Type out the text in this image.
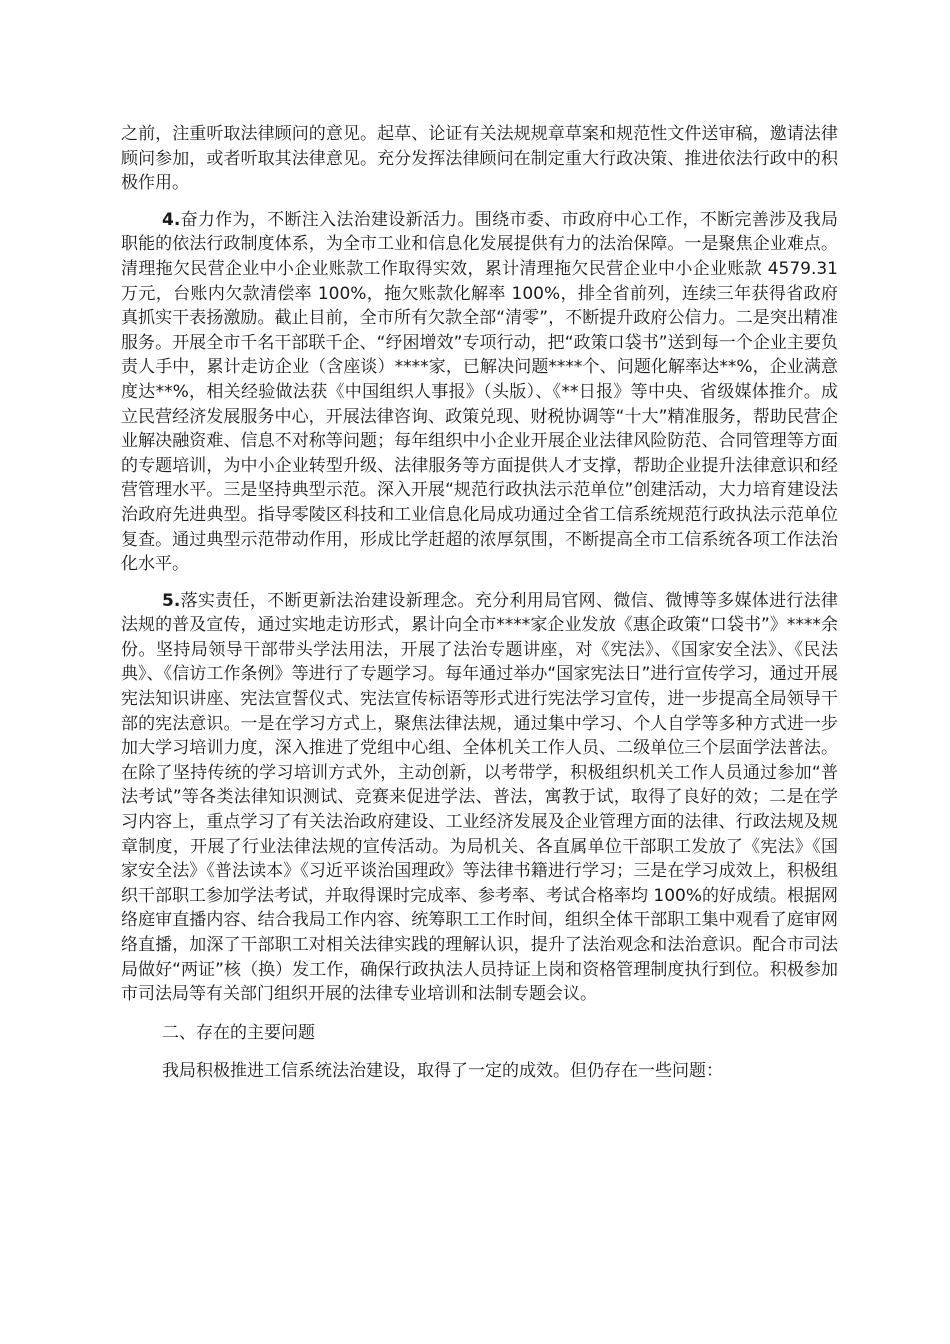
之前，注重听取法律顾问的意见。起草、论证有关法规规章草案和规范性文件送审稿，邀请法律顾问参加，或者听取其法律意见。充分发挥法律顾问在制定重大行政决策、推进依法行政中的积极作用。

4.奋力作为，不断注入法治建设新活力。围绕市委、市政府中心工作，不断完善涉及我局职能的依法行政制度体系，为全市工业和信息化发展提供有力的法治保障。一是聚焦企业难点。清理拖欠民营企业中小企业账款工作取得实效，累计清理拖欠民营企业中小企业账款 4579.31 万元，台账内欠款清偿率 100%，拖欠账款化解率 100%，排全省前列，连续三年获得省政府真抓实干表扬激励。截止目前，全市所有欠款全部“清零”，不断提升政府公信力。二是突出精准服务。开展全市千名干部联千企、“纾困增效”专项行动，把“政策口袋书”送到每一个企业主要负责人手中，累计走访企业（含座谈）****家，已解决问题****个、问题化解率达**%，企业满意度达**%，相关经验做法获《中国组织人事报》（头版）、《**日报》等中央、省级媒体推介。成立民营经济发展服务中心，开展法律咨询、政策兑现、财税协调等“十大”精准服务，帮助民营企业解决融资难、信息不对称等问题；每年组织中小企业开展企业法律风险防范、合同管理等方面的专题培训，为中小企业转型升级、法律服务等方面提供人才支撑，帮助企业提升法律意识和经营管理水平。三是坚持典型示范。深入开展“规范行政执法示范单位”创建活动，大力培育建设法治政府先进典型。指导零陵区科技和工业信息化局成功通过全省工信系统规范行政执法示范单位复查。通过典型示范带动作用，形成比学赶超的浓厚氛围，不断提高全市工信系统各项工作法治化水平。

5.落实责任，不断更新法治建设新理念。充分利用局官网、微信、微博等多媒体进行法律法规的普及宣传，通过实地走访形式，累计向全市****家企业发放《惠企政策“口袋书”》****余份。坚持局领导干部带头学法用法，开展了法治专题讲座，对《宪法》、《国家安全法》、《民法典》、《信访工作条例》等进行了专题学习。每年通过举办“国家宪法日”进行宣传学习，通过开展宪法知识讲座、宪法宣誓仪式、宪法宣传标语等形式进行宪法学习宣传，进一步提高全局领导干部的宪法意识。一是在学习方式上，聚焦法律法规，通过集中学习、个人自学等多种方式进一步加大学习培训力度，深入推进了党组中心组、全体机关工作人员、二级单位三个层面学法普法。在除了坚持传统的学习培训方式外，主动创新，以考带学，积极组织机关工作人员通过参加“普法考试”等各类法律知识测试、竞赛来促进学法、普法，寓教于试，取得了良好的效；二是在学习内容上，重点学习了有关法治政府建设、工业经济发展及企业管理方面的法律、行政法规及规章制度，开展了行业法律法规的宣传活动。为局机关、各直属单位干部职工发放了《宪法》《国家安全法》《普法读本》《习近平谈治国理政》等法律书籍进行学习；三是在学习成效上，积极组织干部职工参加学法考试，并取得课时完成率、参考率、考试合格率均 100%的好成绩。根据网络庭审直播内容、结合我局工作内容、统筹职工工作时间，组织全体干部职工集中观看了庭审网络直播，加深了干部职工对相关法律实践的理解认识，提升了法治观念和法治意识。配合市司法局做好“两证”核（换）发工作，确保行政执法人员持证上岗和资格管理制度执行到位。积极参加市司法局等有关部门组织开展的法律专业培训和法制专题会议。

二、存在的主要问题

我局积极推进工信系统法治建设，取得了一定的成效。但仍存在一些问题：
